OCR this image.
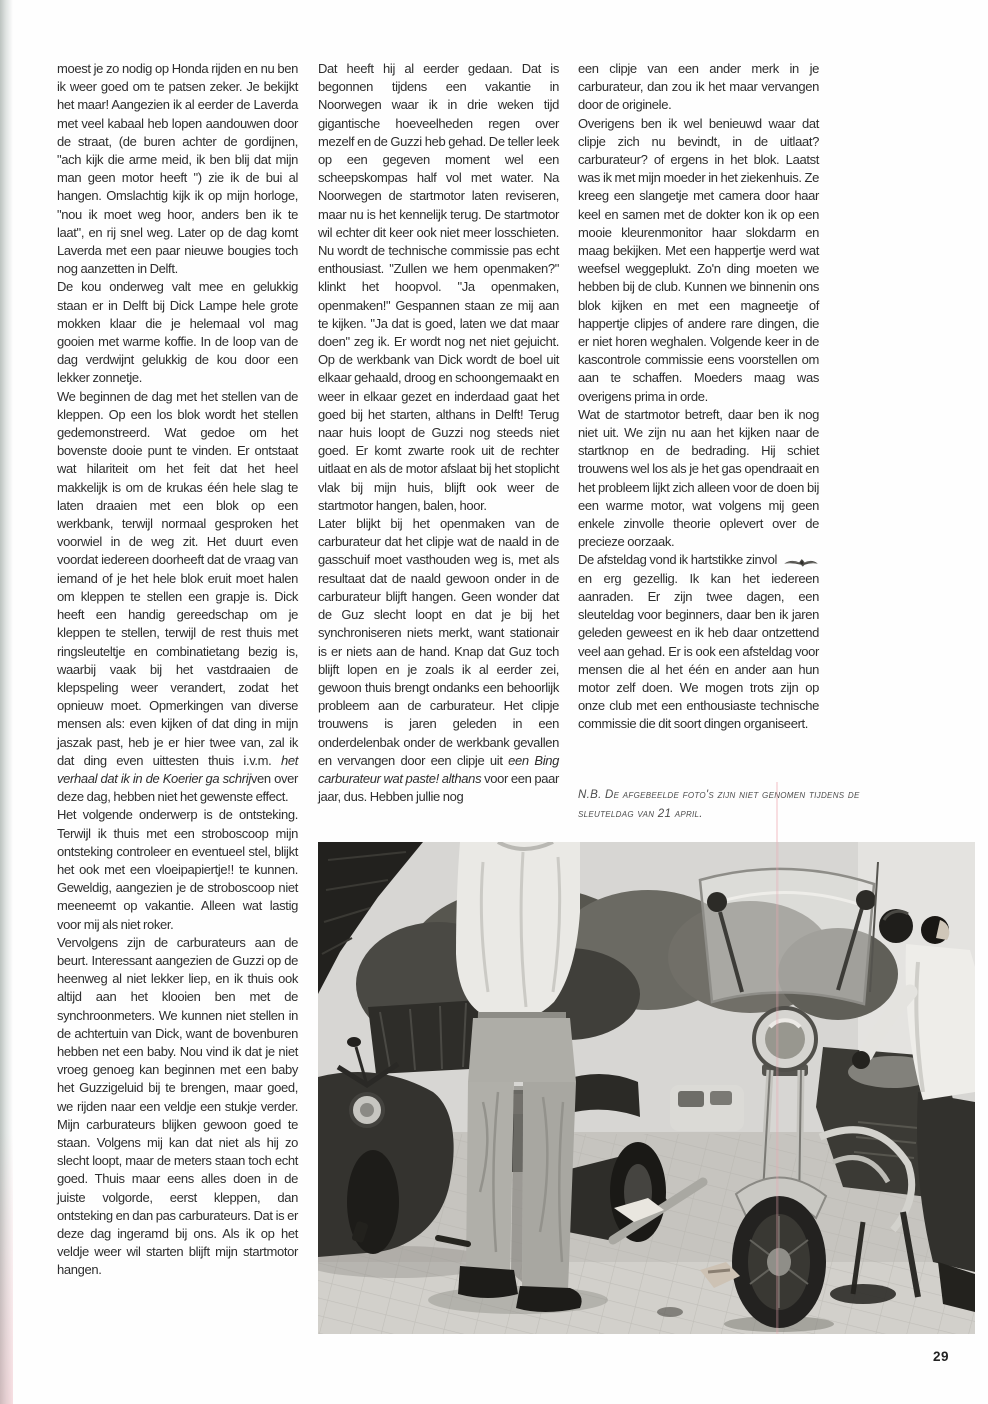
moest je zo nodig op Honda rijden en nu ben ik weer goed om te patsen zeker. Je bekijkt het maar! Aangezien ik al eerder de Laverda met veel kabaal heb lopen aandouwen door de straat, (de buren achter de gordijnen, "ach kijk die arme meid, ik ben blij dat mijn man geen motor heeft ") zie ik de bui al hangen. Omslachtig kijk ik op mijn horloge, "nou ik moet weg hoor, anders ben ik te laat", en rij snel weg. Later op de dag komt Laverda met een paar nieuwe bougies toch nog aanzetten in Delft.

De kou onderweg valt mee en gelukkig staan er in Delft bij Dick Lampe hele grote mokken klaar die je helemaal vol mag gooien met warme koffie. In de loop van de dag verdwijnt gelukkig de kou door een lekker zonnetje.

We beginnen de dag met het stellen van de kleppen. Op een los blok wordt het stellen gedemonstreerd. Wat gedoe om het bovenste dooie punt te vinden. Er ontstaat wat hilariteit om het feit dat het heel makkelijk is om de krukas één hele slag te laten draaien met een blok op een werkbank, terwijl normaal gesproken het voorwiel in de weg zit. Het duurt even voordat iedereen doorheeft dat de vraag van iemand of je het hele blok eruit moet halen om kleppen te stellen een grapje is. Dick heeft een handig gereedschap om je kleppen te stellen, terwijl de rest thuis met ringsleuteltje en combinatietang bezig is, waarbij vaak bij het vastdraaien de klepspeling weer verandert, zodat het opnieuw moet. Opmerkingen van diverse mensen als: even kijken of dat ding in mijn jaszak past, heb je er hier twee van, zal ik dat ding even uittesten thuis i.v.m. het verhaal dat ik in de Koerier ga schrijven over deze dag, hebben niet het gewenste effect.

Het volgende onderwerp is de ontsteking. Terwijl ik thuis met een stroboscoop mijn ontsteking controleer en eventueel stel, blijkt het ook met een vloeipapiertje!! te kunnen. Geweldig, aangezien je de stroboscoop niet meeneemt op vakantie. Alleen wat lastig voor mij als niet roker.

Vervolgens zijn de carburateurs aan de beurt. Interessant aangezien de Guzzi op de heenweg al niet lekker liep, en ik thuis ook altijd aan het klooien ben met de synchroonmeters. We kunnen niet stellen in de achtertuin van Dick, want de bovenburen hebben net een baby. Nou vind ik dat je niet vroeg genoeg kan beginnen met een baby het Guzzigeluid bij te brengen, maar goed, we rijden naar een veldje een stukje verder. Mijn carburateurs blijken gewoon goed te staan. Volgens mij kan dat niet als hij zo slecht loopt, maar de meters staan toch echt goed. Thuis maar eens alles doen in de juiste volgorde, eerst kleppen, dan ontsteking en dan pas carburateurs. Dat is er deze dag ingeramd bij ons. Als ik op het veldje weer wil starten blijft mijn startmotor hangen.

Dat heeft hij al eerder gedaan. Dat is begonnen tijdens een vakantie in Noorwegen waar ik in drie weken tijd gigantische hoeveelheden regen over mezelf en de Guzzi heb gehad. De teller leek op een gegeven moment wel een scheepskompas half vol met water. Na Noorwegen de startmotor laten reviseren, maar nu is het kennelijk terug. De startmotor wil echter dit keer ook niet meer losschieten. Nu wordt de technische commissie pas echt enthousiast. "Zullen we hem openmaken?" klinkt het hoopvol. "Ja openmaken, openmaken!" Gespannen staan ze mij aan te kijken. "Ja dat is goed, laten we dat maar doen" zeg ik. Er wordt nog net niet gejuicht. Op de werkbank van Dick wordt de boel uit elkaar gehaald, droog en schoongemaakt en weer in elkaar gezet en inderdaad gaat het goed bij het starten, althans in Delft! Terug naar huis loopt de Guzzi nog steeds niet goed. Er komt zwarte rook uit de rechter uitlaat en als de motor afslaat bij het stoplicht vlak bij mijn huis, blijft ook weer de startmotor hangen, balen, hoor.

Later blijkt bij het openmaken van de carburateur dat het clipje wat de naald in de gasschuif moet vasthouden weg is, met als resultaat dat de naald gewoon onder in de carburateur blijft hangen. Geen wonder dat de Guz slecht loopt en dat je bij het synchroniseren niets merkt, want stationair is er niets aan de hand. Knap dat Guz toch blijft lopen en je zoals ik al eerder zei, gewoon thuis brengt ondanks een behoorlijk probleem aan de carburateur. Het clipje trouwens is jaren geleden in een onderdelenbak onder de werkbank gevallen en vervangen door een clipje uit een Bing carburateur wat paste! althans voor een paar jaar, dus. Hebben jullie nog

een clipje van een ander merk in je carburateur, dan zou ik het maar vervangen door de originele.

Overigens ben ik wel benieuwd waar dat clipje zich nu bevindt, in de uitlaat? carburateur? of ergens in het blok. Laatst was ik met mijn moeder in het ziekenhuis. Ze kreeg een slangetje met camera door haar keel en samen met de dokter kon ik op een mooie kleurenmonitor haar slokdarm en maag bekijken. Met een happertje werd wat weefsel weggeplukt. Zo'n ding moeten we hebben bij de club. Kunnen we binnenin ons blok kijken en met een magneetje of happertje clipjes of andere rare dingen, die er niet horen weghalen. Volgende keer in de kascontrole commissie eens voorstellen om aan te schaffen. Moeders maag was overigens prima in orde.

Wat de startmotor betreft, daar ben ik nog niet uit. We zijn nu aan het kijken naar de startknop en de bedrading. Hij schiet trouwens wel los als je het gas opendraait en het probleem lijkt zich alleen voor de doen bij een warme motor, wat volgens mij geen enkele zinvolle theorie oplevert over de precieze oorzaak.

De afsteldag vond ik hartstikke zinvol en erg gezellig. Ik kan het iedereen aanraden. Er zijn twee dagen, een sleuteldag voor beginners, daar ben ik jaren geleden geweest en ik heb daar ontzettend veel aan gehad. Er is ook een afsteldag voor mensen die al het één en ander aan hun motor zelf doen. We mogen trots zijn op onze club met een enthousiaste technische commissie die dit soort dingen organiseert.

N.B. De afgebeelde foto's zijn niet genomen tijdens de sleuteldag van 21 april.
29
